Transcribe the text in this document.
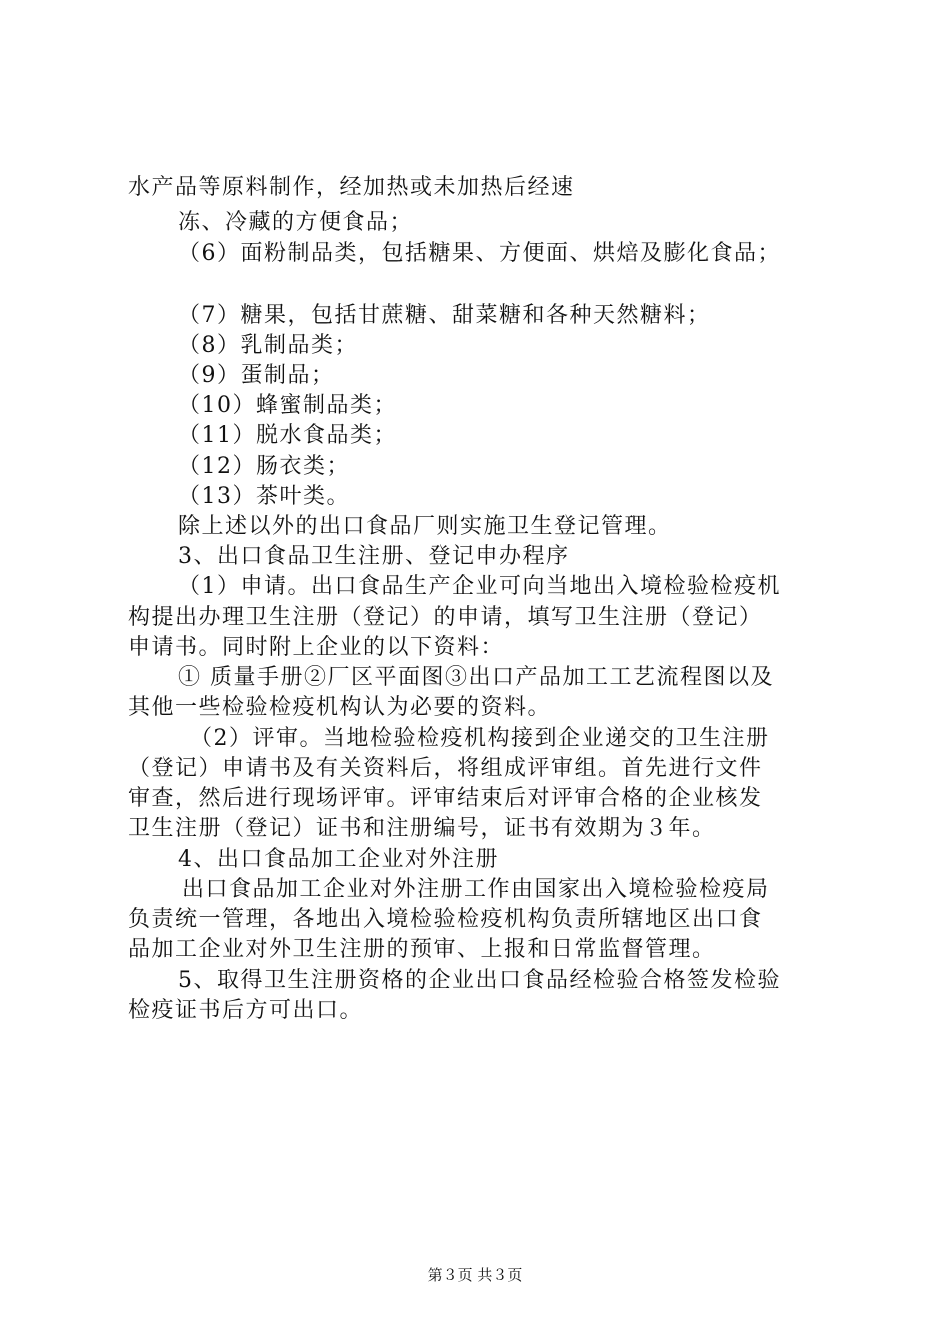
水产品等原料制作，经加热或未加热后经速
冻、冷藏的方便食品；
（6）面粉制品类，包括糖果、方便面、烘焙及膨化食品；
（7）糖果，包括甘蔗糖、甜菜糖和各种天然糖料；
（8）乳制品类；
（9）蛋制品；
（10）蜂蜜制品类；
（11）脱水食品类；
（12）肠衣类；
（13）茶叶类。
除上述以外的出口食品厂则实施卫生登记管理。
3、出口食品卫生注册、登记申办程序
（1）申请。出口食品生产企业可向当地出入境检验检疫机
构提出办理卫生注册（登记）的申请，填写卫生注册（登记）
申请书。同时附上企业的以下资料：
① 质量手册②厂区平面图③出口产品加工工艺流程图以及
其他一些检验检疫机构认为必要的资料。
（2）评审。当地检验检疫机构接到企业递交的卫生注册
（登记）申请书及有关资料后，将组成评审组。首先进行文件
审查，然后进行现场评审。评审结束后对评审合格的企业核发
卫生注册（登记）证书和注册编号，证书有效期为３年。
4、出口食品加工企业对外注册
出口食品加工企业对外注册工作由国家出入境检验检疫局
负责统一管理，各地出入境检验检疫机构负责所辖地区出口食
品加工企业对外卫生注册的预审、上报和日常监督管理。
5、取得卫生注册资格的企业出口食品经检验合格签发检验
检疫证书后方可出口。
第３页 共３页
